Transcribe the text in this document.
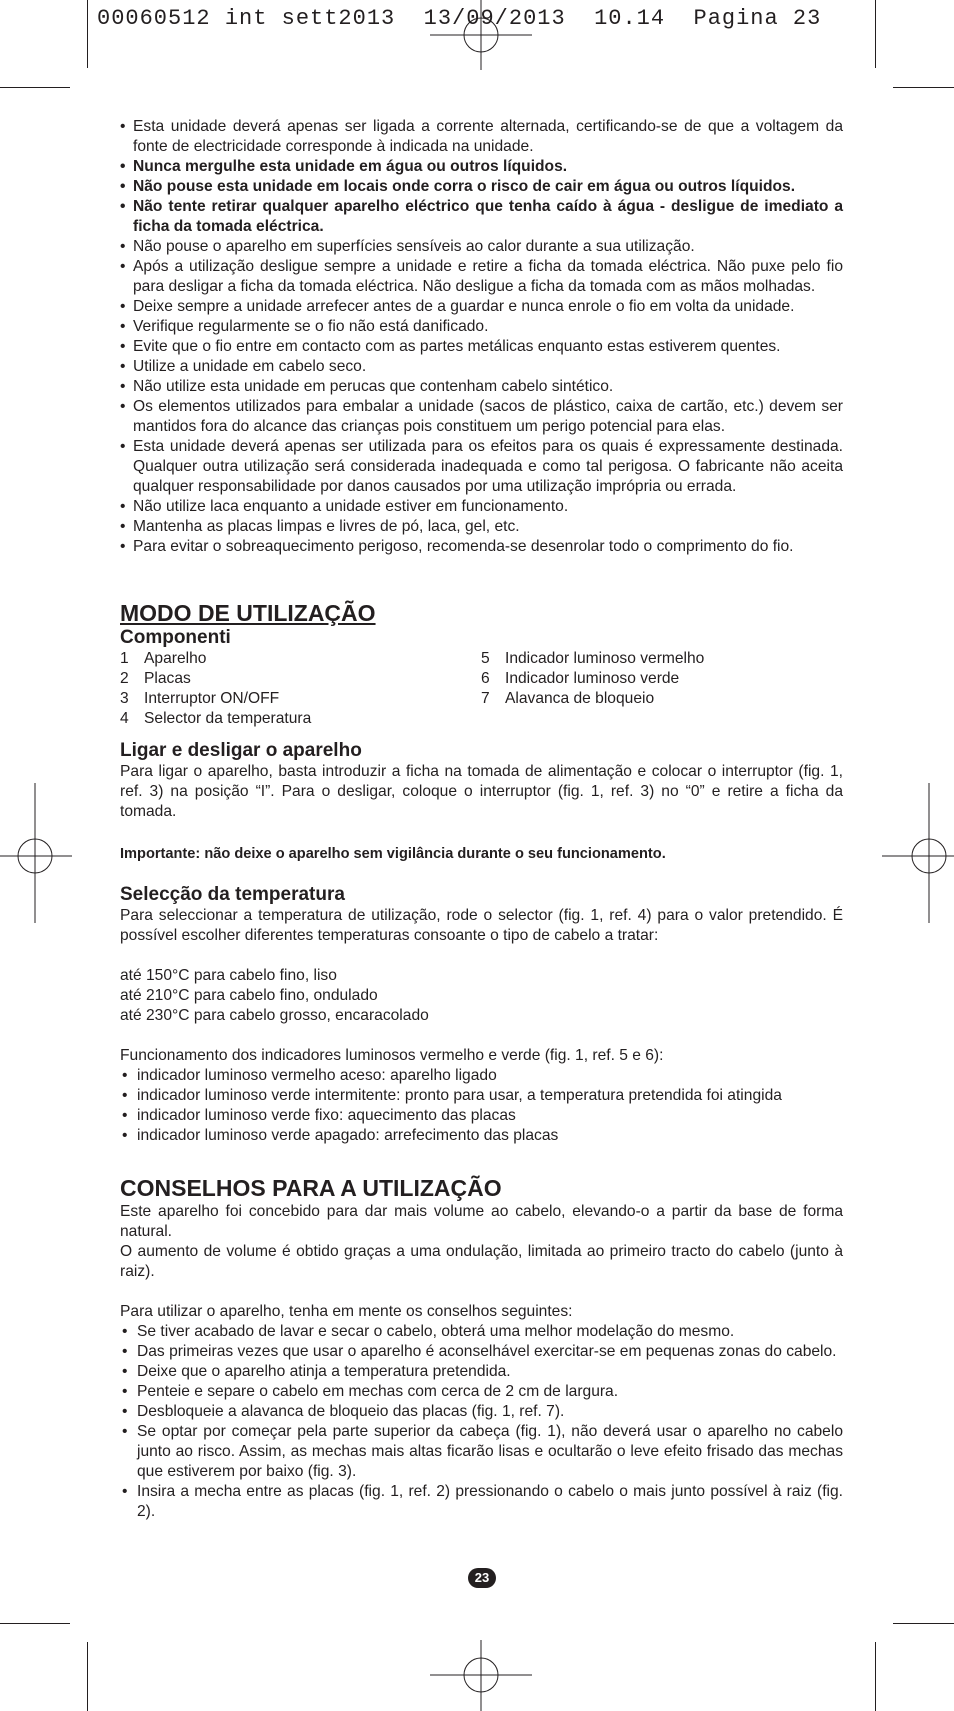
00060512 int sett2013  13/09/2013  10.14  Pagina 23
• Esta unidade deverá apenas ser ligada a corrente alternada, certificando-se de que a voltagem da fonte de electricidade corresponde à indicada na unidade.
• Nunca mergulhe esta unidade em água ou outros líquidos.
• Não pouse esta unidade em locais onde corra o risco de cair em água ou outros líquidos.
• Não tente retirar qualquer aparelho eléctrico que tenha caído à água - desligue de imediato a ficha da tomada eléctrica.
• Não pouse o aparelho em superfícies sensíveis ao calor durante a sua utilização.
• Após a utilização desligue sempre a unidade e retire a ficha da tomada eléctrica. Não puxe pelo fio para desligar a ficha da tomada eléctrica. Não desligue a ficha da tomada com as mãos molhadas.
• Deixe sempre a unidade arrefecer antes de a guardar e nunca enrole o fio em volta da unidade.
• Verifique regularmente se o fio não está danificado.
• Evite que o fio entre em contacto com as partes metálicas enquanto estas estiverem quentes.
• Utilize a unidade em cabelo seco.
• Não utilize esta unidade em perucas que contenham cabelo sintético.
• Os elementos utilizados para embalar a unidade (sacos de plástico, caixa de cartão, etc.) devem ser mantidos fora do alcance das crianças pois constituem um perigo potencial para elas.
• Esta unidade deverá apenas ser utilizada para os efeitos para os quais é expressamente destinada. Qualquer outra utilização será considerada inadequada e como tal perigosa. O fabricante não aceita qualquer responsabilidade por danos causados por uma utilização imprópria ou errada.
• Não utilize laca enquanto a unidade estiver em funcionamento.
• Mantenha as placas limpas e livres de pó, laca, gel, etc.
• Para evitar o sobreaquecimento perigoso, recomenda-se desenrolar todo o comprimento do fio.
MODO DE UTILIZAÇÃO
Componenti
1 Aparelho
2 Placas
3 Interruptor ON/OFF
4 Selector da temperatura
5 Indicador luminoso vermelho
6 Indicador luminoso verde
7 Alavanca de bloqueio
Ligar e desligar o aparelho

Para ligar o aparelho, basta introduzir a ficha na tomada de alimentação e colocar o interruptor (fig. 1, ref. 3) na posição “I”. Para o desligar, coloque o interruptor (fig. 1, ref. 3) no “0” e retire a ficha da tomada.

Importante: não deixe o aparelho sem vigilância durante o seu funcionamento.

Selecção da temperatura

Para seleccionar a temperatura de utilização, rode o selector (fig. 1, ref. 4) para o valor pretendido. É possível escolher diferentes temperaturas consoante o tipo de cabelo a tratar:

até 150°C para cabelo fino, liso

até 210°C para cabelo fino, ondulado

até 230°C para cabelo grosso, encaracolado

Funcionamento dos indicadores luminosos vermelho e verde (fig. 1, ref. 5 e 6):

• indicador luminoso vermelho aceso: aparelho ligado
• indicador luminoso verde intermitente: pronto para usar, a temperatura pretendida foi atingida
• indicador luminoso verde fixo: aquecimento das placas
• indicador luminoso verde apagado: arrefecimento das placas
CONSELHOS PARA A UTILIZAÇÃO

Este aparelho foi concebido para dar mais volume ao cabelo, elevando-o a partir da base de forma natural.

O aumento de volume é obtido graças a uma ondulação, limitada ao primeiro tracto do cabelo (junto à raiz).

Para utilizar o aparelho, tenha em mente os conselhos seguintes:

• Se tiver acabado de lavar e secar o cabelo, obterá uma melhor modelação do mesmo.
• Das primeiras vezes que usar o aparelho é aconselhável exercitar-se em pequenas zonas do cabelo.
• Deixe que o aparelho atinja a temperatura pretendida.
• Penteie e separe o cabelo em mechas com cerca de 2 cm de largura.
• Desbloqueie a alavanca de bloqueio das placas (fig. 1, ref. 7).
• Se optar por começar pela parte superior da cabeça (fig. 1), não deverá usar o aparelho no cabelo junto ao risco. Assim, as mechas mais altas ficarão lisas e ocultarão o leve efeito frisado das mechas que estiverem por baixo (fig. 3).
• Insira a mecha entre as placas (fig. 1, ref. 2) pressionando o cabelo o mais junto possível à raiz (fig. 2).
23
